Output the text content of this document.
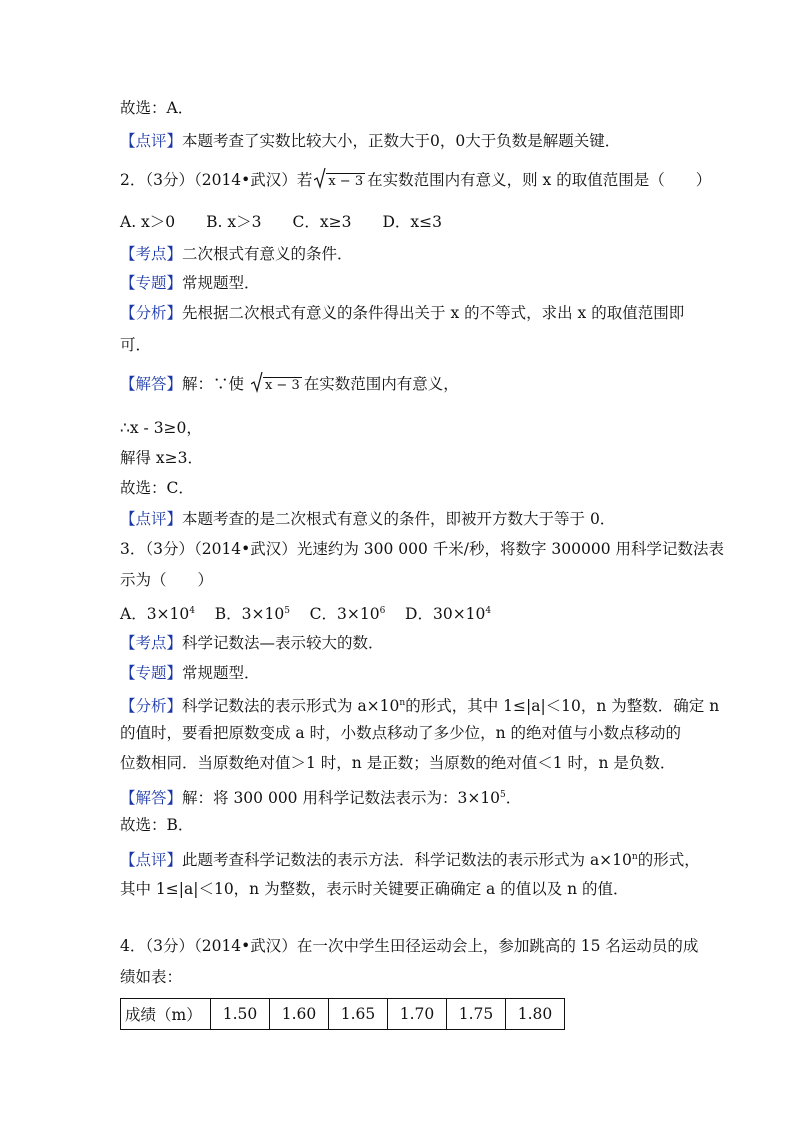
故选：A．
【点评】本题考查了实数比较大小，正数大于0，0大于负数是解题关键．
2．（3分）（2014•武汉）若 x − 3 在实数范围内有意义，则 x 的取值范围是（　　）
A. x＞0　　B. x＞3　　C．x≥3　　D．x≤3
【考点】二次根式有意义的条件．
【专题】常规题型．
【分析】先根据二次根式有意义的条件得出关于 x 的不等式，求出 x 的取值范围即
可．
【解答】解：∵使
x − 3 在实数范围内有意义，
∴x - 3≥0，
解得 x≥3．
故选：C．
【点评】本题考查的是二次根式有意义的条件，即被开方数大于等于 0．
3．（3分）（2014•武汉）光速约为 300 000 千米/秒，将数字 300000 用科学记数法表
示为（　　）
A．$3\times 10^4$ B．$3\times 10^5$ C．$3\times 10^6$ D．$30\times 10^4$
【考点】科学记数法—表示较大的数．
【专题】常规题型．
【分析】科学记数法的表示形式为 $a\times 10^n$的形式，其中 1≤|a|＜10，n 为整数．确定 n
的值时，要看把原数变成 a 时，小数点移动了多少位，n 的绝对值与小数点移动的
位数相同．当原数绝对值＞1 时，n 是正数；当原数的绝对值＜1 时，n 是负数．
【解答】解：将 300 000 用科学记数法表示为：$3\times 10^5$．
故选：B．
【点评】此题考查科学记数法的表示方法．科学记数法的表示形式为 $a\times 10^n$的形式，
其中 1≤|a|＜10，n 为整数，表示时关键要正确确定 a 的值以及 n 的值．
4．（3分）（2014•武汉）在一次中学生田径运动会上，参加跳高的 15 名运动员的成
绩如表：
成绩（m）	1.50	1.60	1.65	1.70	1.75	1.80
